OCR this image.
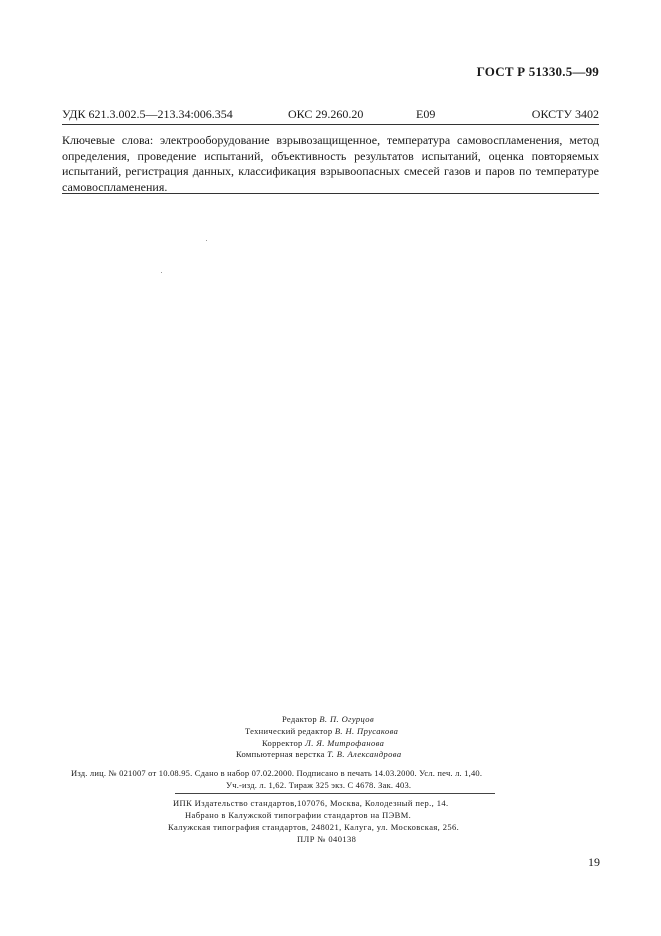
ГОСТ Р 51330.5—99
УДК 621.3.002.5—213.34:006.354	ОКС 29.260.20	Е09	ОКСТУ 3402
Ключевые слова: электрооборудование взрывозащищенное, температура самовоспламенения, метод определения, проведение испытаний, объективность результатов испытаний, оценка повторяемых испытаний, регистрация данных, классификация взрывоопасных смесей газов и паров по температуре самовоспламенения.
Редактор В. П. Огурцов
Технический редактор В. Н. Прусакова
Корректор Л. Я. Митрофанова
Компьютерная верстка Т. В. Александрова
Изд. лиц. № 021007 от 10.08.95. Сдано в набор 07.02.2000. Подписано в печать 14.03.2000. Усл. печ. л. 1,40.
Уч.-изд. л. 1,62. Тираж 325 экз. С 4678. Зак. 403.
ИПК Издательство стандартов,107076, Москва, Колодезный пер., 14.
Набрано в Калужской типографии стандартов на ПЭВМ.
Калужская типография стандартов, 248021, Калуга, ул. Московская, 256.
ПЛР № 040138
19
